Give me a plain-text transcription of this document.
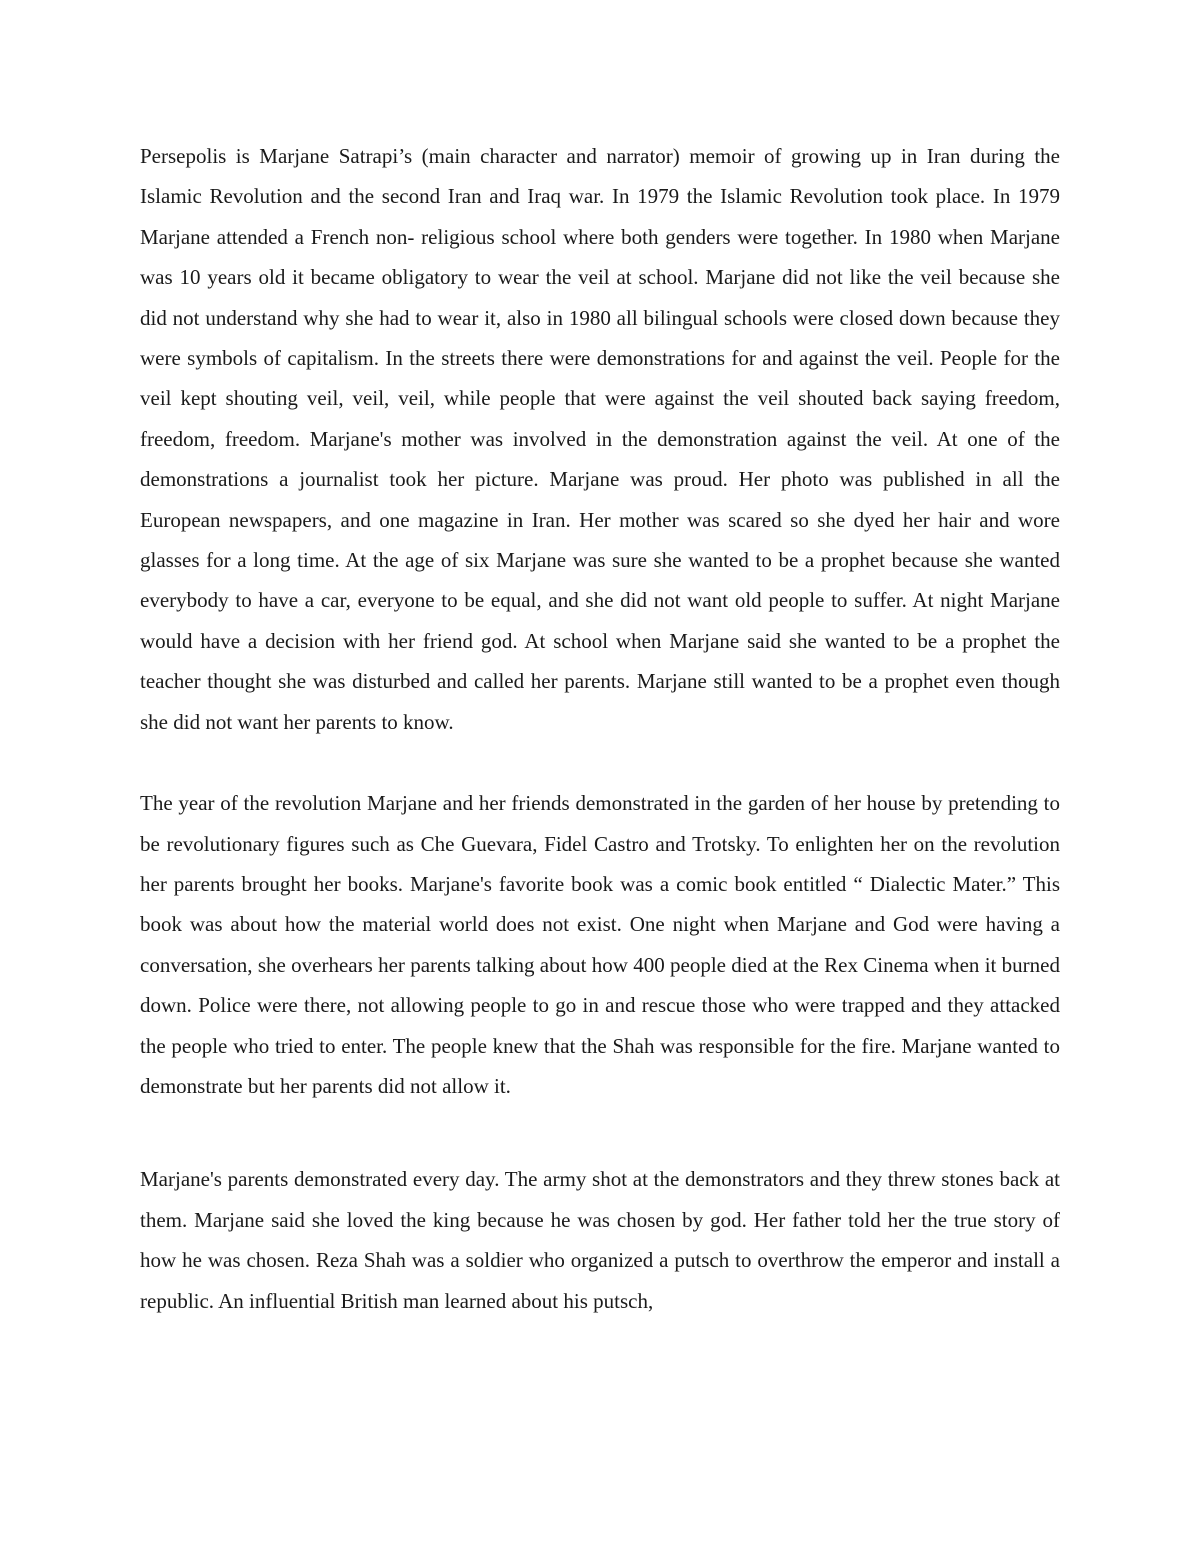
Persepolis is Marjane Satrapi’s (main character and narrator) memoir of growing up in Iran during the Islamic Revolution and the second Iran and Iraq war. In 1979 the Islamic Revolution took place. In 1979 Marjane attended a French non- religious school where both genders were together. In 1980 when Marjane was 10 years old it became obligatory to wear the veil at school. Marjane did not like the veil because she did not understand why she had to wear it, also in 1980 all bilingual schools were closed down because they were symbols of capitalism. In the streets there were demonstrations for and against the veil. People for the veil kept shouting veil, veil, veil, while people that were against the veil shouted back saying freedom, freedom, freedom. Marjane's mother was involved in the demonstration against the veil. At one of the demonstrations a journalist took her picture. Marjane was proud. Her photo was published in all the European newspapers, and one magazine in Iran. Her mother was scared so she dyed her hair and wore glasses for a long time. At the age of six Marjane was sure she wanted to be a prophet because she wanted everybody to have a car, everyone to be equal, and she did not want old people to suffer. At night Marjane would have a decision with her friend god. At school when Marjane said she wanted to be a prophet the teacher thought she was disturbed and called her parents. Marjane still wanted to be a prophet even though she did not want her parents to know.

The year of the revolution Marjane and her friends demonstrated in the garden of her house by pretending to be revolutionary figures such as Che Guevara, Fidel Castro and Trotsky. To enlighten her on the revolution her parents brought her books. Marjane's favorite book was a comic book entitled “ Dialectic Mater.” This book was about how the material world does not exist. One night when Marjane and God were having a conversation, she overhears her parents talking about how 400 people died at the Rex Cinema when it burned down. Police were there, not allowing people to go in and rescue those who were trapped and they attacked the people who tried to enter. The people knew that the Shah was responsible for the fire. Marjane wanted to demonstrate but her parents did not allow it.

Marjane's parents demonstrated every day. The army shot at the demonstrators and they threw stones back at them. Marjane said she loved the king because he was chosen by god. Her father told her the true story of how he was chosen. Reza Shah was a soldier who organized a putsch to overthrow the emperor and install a republic. An influential British man learned about his putsch,
